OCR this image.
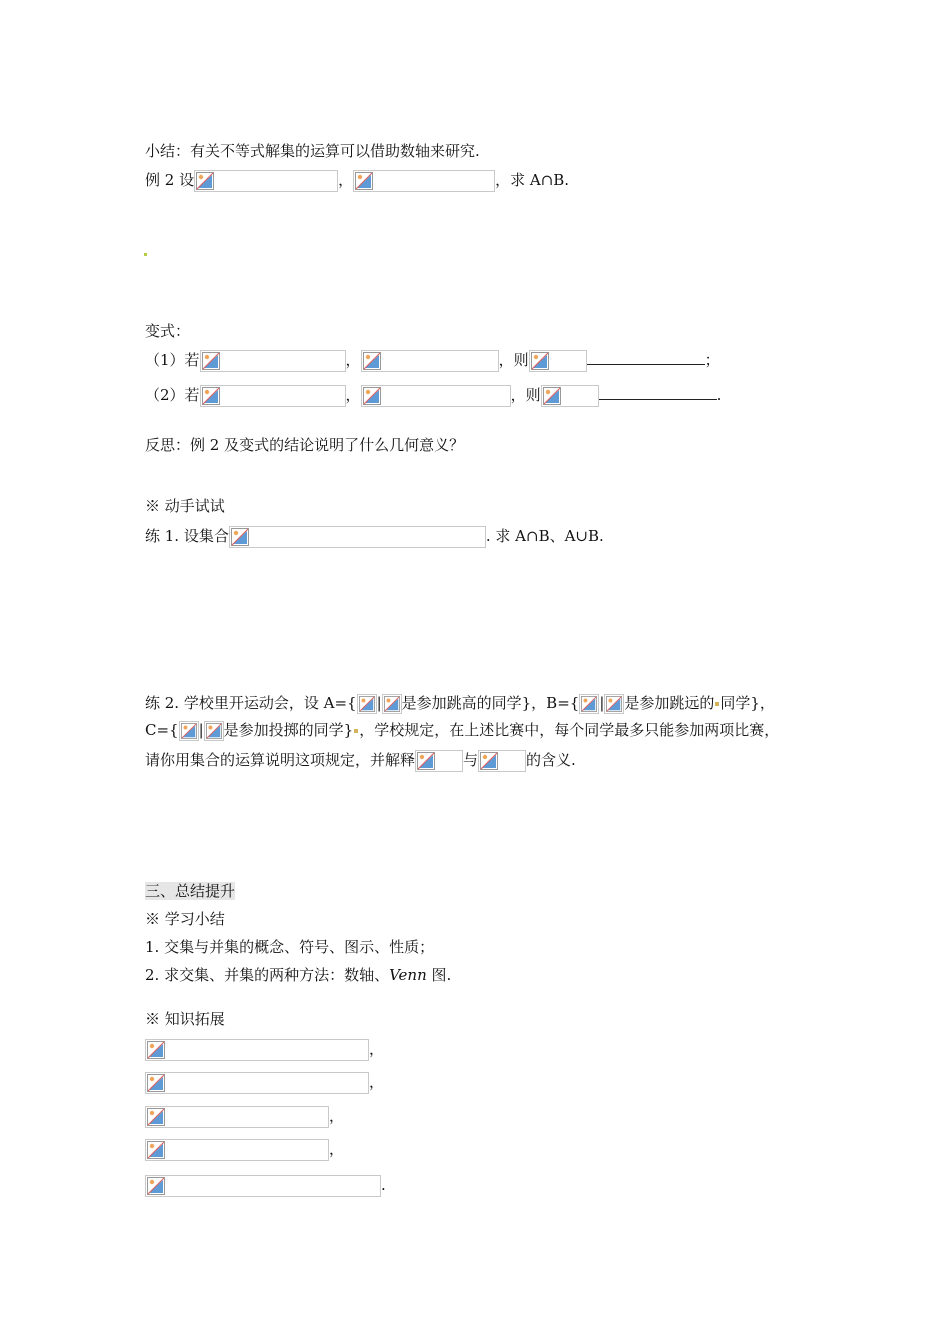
小结：有关不等式解集的运算可以借助数轴来研究.
例 2 设	，	，求 A∩B.
变式：
（1）若	，	，则	；
（2）若	，	，则	.
反思：例 2 及变式的结论说明了什么几何意义？
※ 动手试试
练 1. 设集合	. 求 A∩B、A∪B.
练 2. 学校里开运动会，设 A={ | 是参加跳高的同学}，B={ | 是参加跳远的 同学}，
C={ | 是参加投掷的同学} ，学校规定，在上述比赛中，每个同学最多只能参加两项比赛，
请你用集合的运算说明这项规定，并解释	与	的含义.
三、总结提升
※ 学习小结
1. 交集与并集的概念、符号、图示、性质；
2. 求交集、并集的两种方法：数轴、Venn 图.
※ 知识拓展
，
，
，
，
.
